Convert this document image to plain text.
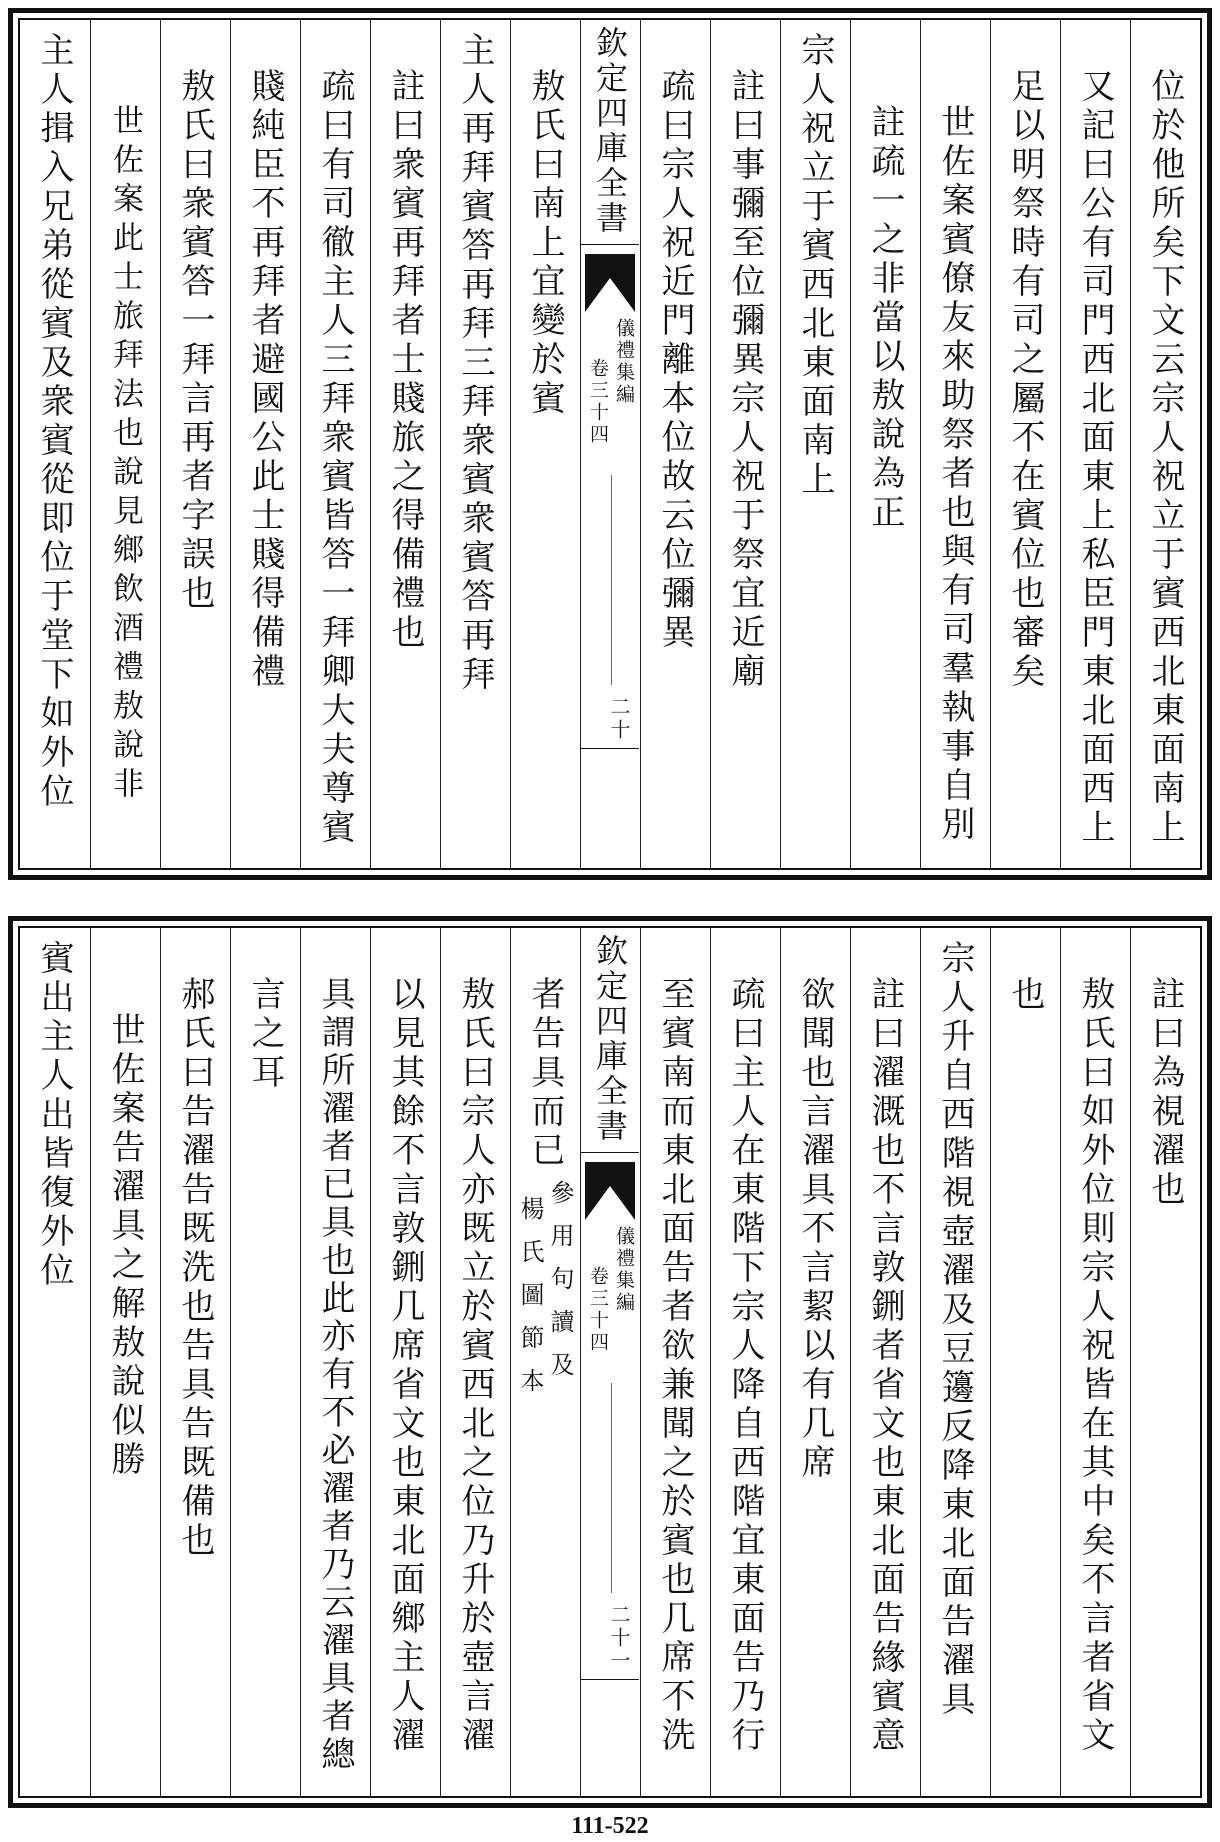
位於他所矣下文云宗人祝立于賓西北東面南上
又記曰公有司門西北面東上私臣門東北面西上
足以明祭時有司之屬不在賓位也審矣
世佐案賓僚友來助祭者也與有司羣執事自別
註疏一之非當以敖說為正
宗人祝立于賓西北東面南上
註曰事彌至位彌異宗人祝于祭宜近廟
疏曰宗人祝近門離本位故云位彌異
欽定四庫全書
儀禮集編
卷三十四
二十
敖氏曰南上宜變於賓
主人再拜賓答再拜三拜衆賓衆賓答再拜
註曰衆賓再拜者士賤旅之得備禮也
疏曰有司徹主人三拜衆賓皆答一拜卿大夫尊賓
賤純臣不再拜者避國公此士賤得備禮
敖氏曰衆賓答一拜言再者字誤也
世佐案此士旅拜法也說見鄉飲酒禮敖說非
主人揖入兄弟從賓及衆賓從即位于堂下如外位
註曰為視濯也
敖氏曰如外位則宗人祝皆在其中矣不言者省文
也
宗人升自西階視壺濯及豆籩反降東北面告濯具
註曰濯溉也不言敦鉶者省文也東北面告緣賓意
欲聞也言濯具不言絜以有几席
疏曰主人在東階下宗人降自西階宜東面告乃行
至賓南而東北面告者欲兼聞之於賓也几席不洗
欽定四庫全書
儀禮集編
卷三十四
二十一
者告具而已
參用句讀及
楊氏圖節本
敖氏曰宗人亦既立於賓西北之位乃升於壺言濯
以見其餘不言敦鉶几席省文也東北面鄉主人濯
具謂所濯者已具也此亦有不必濯者乃云濯具者總
言之耳
郝氏曰告濯告既洗也告具告既備也
世佐案告濯具之解敖說似勝
賓出主人出皆復外位
111-522
